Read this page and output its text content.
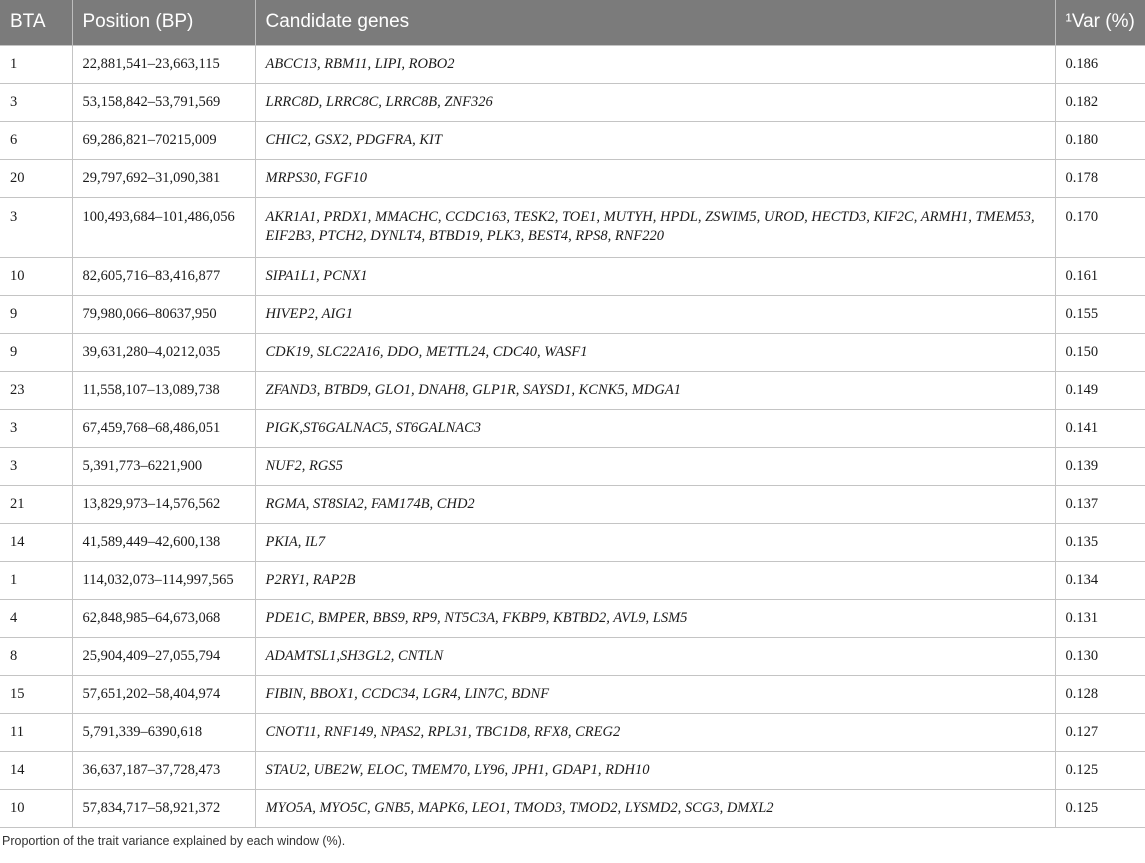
BTA	Position (BP)	Candidate genes	¹Var (%)
1	22,881,541–23,663,115	ABCC13, RBM11, LIPI, ROBO2	0.186
3	53,158,842–53,791,569	LRRC8D, LRRC8C, LRRC8B, ZNF326	0.182
6	69,286,821–70215,009	CHIC2, GSX2, PDGFRA, KIT	0.180
20	29,797,692–31,090,381	MRPS30, FGF10	0.178
3	100,493,684–101,486,056	AKR1A1, PRDX1, MMACHC, CCDC163, TESK2, TOE1, MUTYH, HPDL, ZSWIM5, UROD, HECTD3, KIF2C, ARMH1, TMEM53, EIF2B3, PTCH2, DYNLT4, BTBD19, PLK3, BEST4, RPS8, RNF220	0.170
10	82,605,716–83,416,877	SIPA1L1, PCNX1	0.161
9	79,980,066–80637,950	HIVEP2, AIG1	0.155
9	39,631,280–4,0212,035	CDK19, SLC22A16, DDO, METTL24, CDC40, WASF1	0.150
23	11,558,107–13,089,738	ZFAND3, BTBD9, GLO1, DNAH8, GLP1R, SAYSD1, KCNK5, MDGA1	0.149
3	67,459,768–68,486,051	PIGK,ST6GALNAC5, ST6GALNAC3	0.141
3	5,391,773–6221,900	NUF2, RGS5	0.139
21	13,829,973–14,576,562	RGMA, ST8SIA2, FAM174B, CHD2	0.137
14	41,589,449–42,600,138	PKIA, IL7	0.135
1	114,032,073–114,997,565	P2RY1, RAP2B	0.134
4	62,848,985–64,673,068	PDE1C, BMPER, BBS9, RP9, NT5C3A, FKBP9, KBTBD2, AVL9, LSM5	0.131
8	25,904,409–27,055,794	ADAMTSL1,SH3GL2, CNTLN	0.130
15	57,651,202–58,404,974	FIBIN, BBOX1, CCDC34, LGR4, LIN7C, BDNF	0.128
11	5,791,339–6390,618	CNOT11, RNF149, NPAS2, RPL31, TBC1D8, RFX8, CREG2	0.127
14	36,637,187–37,728,473	STAU2, UBE2W, ELOC, TMEM70, LY96, JPH1, GDAP1, RDH10	0.125
10	57,834,717–58,921,372	MYO5A, MYO5C, GNB5, MAPK6, LEO1, TMOD3, TMOD2, LYSMD2, SCG3, DMXL2	0.125
Proportion of the trait variance explained by each window (%).
